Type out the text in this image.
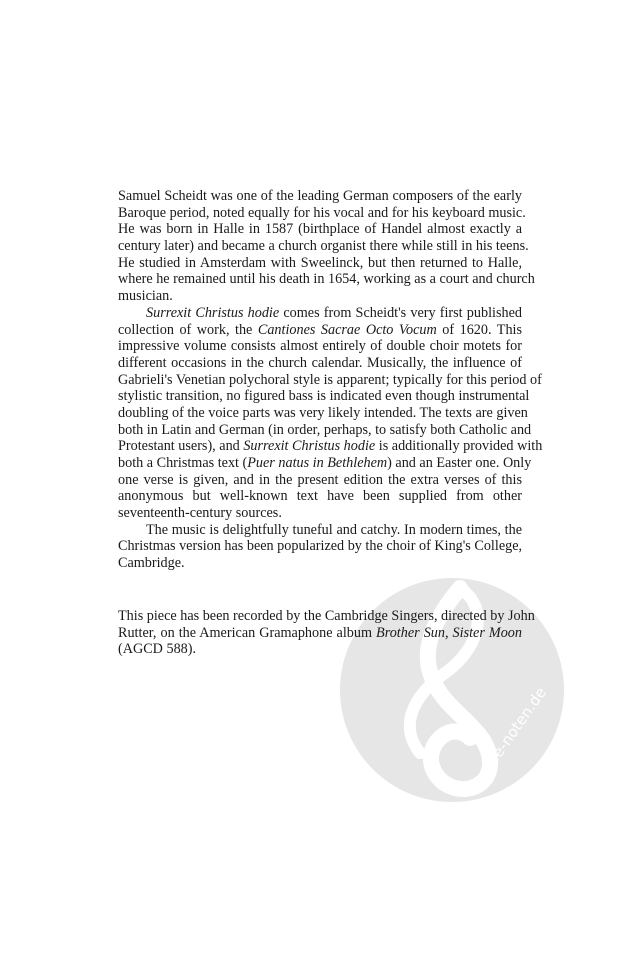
alle-noten.de
Samuel Scheidt was one of the leading German composers of the early
Baroque period, noted equally for his vocal and for his keyboard music.
He was born in Halle in 1587 (birthplace of Handel almost exactly a
century later) and became a church organist there while still in his teens.
He studied in Amsterdam with Sweelinck, but then returned to Halle,
where he remained until his death in 1654, working as a court and church
musician.
Surrexit Christus hodie comes from Scheidt's very first published
collection of work, the Cantiones Sacrae Octo Vocum of 1620. This
impressive volume consists almost entirely of double choir motets for
different occasions in the church calendar. Musically, the influence of
Gabrieli's Venetian polychoral style is apparent; typically for this period of
stylistic transition, no figured bass is indicated even though instrumental
doubling of the voice parts was very likely intended. The texts are given
both in Latin and German (in order, perhaps, to satisfy both Catholic and
Protestant users), and Surrexit Christus hodie is additionally provided with
both a Christmas text (Puer natus in Bethlehem) and an Easter one. Only
one verse is given, and in the present edition the extra verses of this
anonymous but well-known text have been supplied from other
seventeenth-century sources.
The music is delightfully tuneful and catchy. In modern times, the
Christmas version has been popularized by the choir of King's College,
Cambridge.
This piece has been recorded by the Cambridge Singers, directed by John
Rutter, on the American Gramaphone album Brother Sun, Sister Moon
(AGCD 588).
